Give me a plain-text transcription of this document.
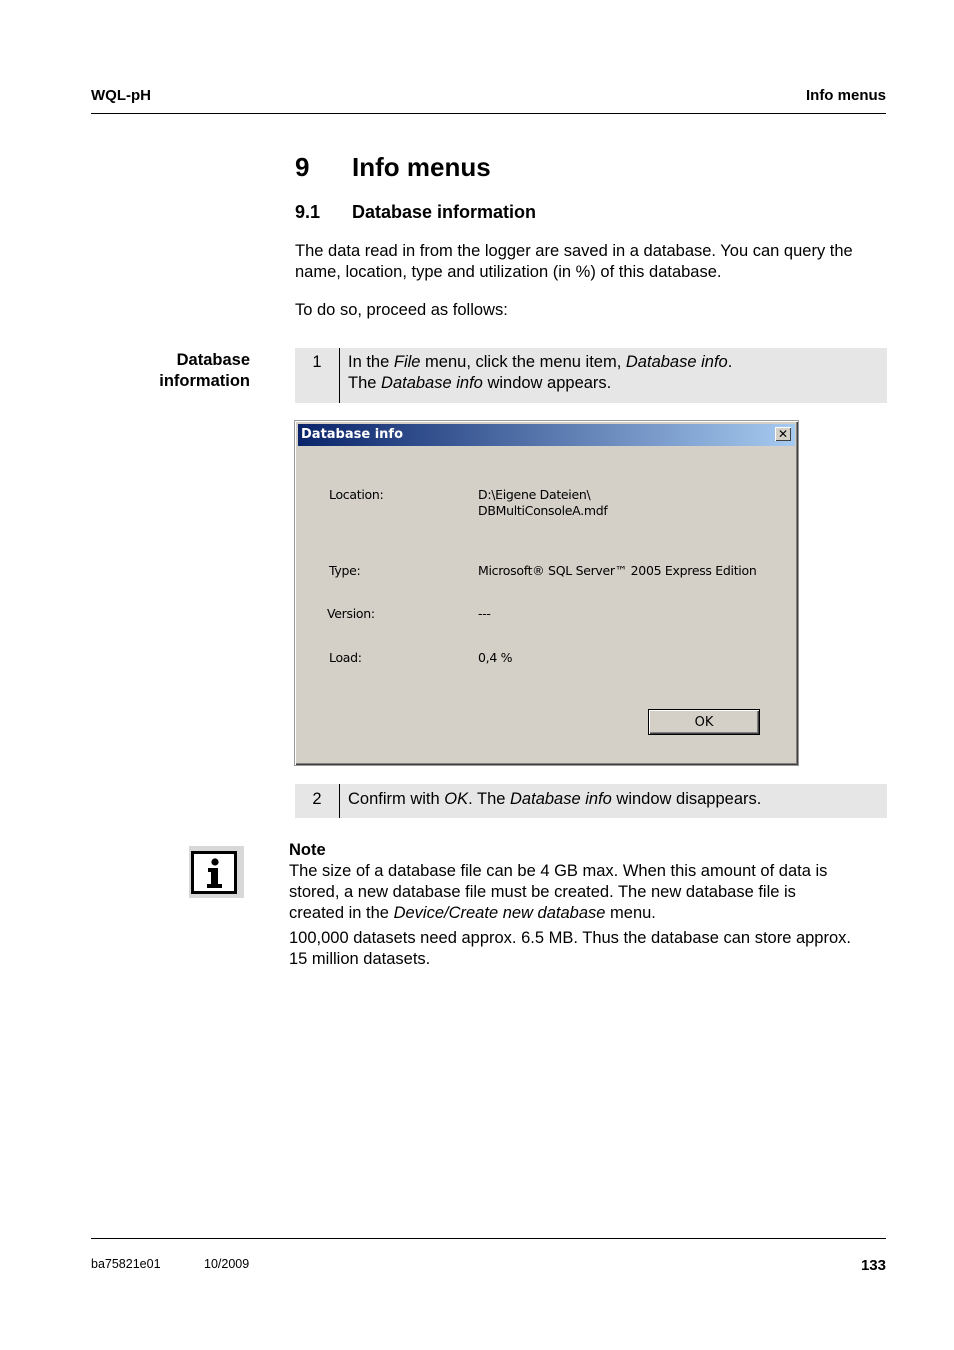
WQL-pH	Info menus
9 Info menus
9.1 Database information
The data read in from the logger are saved in a database. You can query the
name, location, type and utilization (in %) of this database.
To do so, proceed as follows:
Database
information
1	In the File menu, click the menu item, Database info.
The Database info window appears.
Database info	✕
Location:	D:\Eigene Dateien\
DBMultiConsoleA.mdf
Type:	Microsoft® SQL Server™ 2005 Express Edition
Version:	---
Load:	0,4 %
OK
2	Confirm with OK. The Database info window disappears.
Note
The size of a database file can be 4 GB max. When this amount of data is
stored, a new database file must be created. The new database file is
created in the Device/Create new database menu.
100,000 datasets need approx. 6.5 MB. Thus the database can store approx.
15 million datasets.
ba75821e01	10/2009	133
